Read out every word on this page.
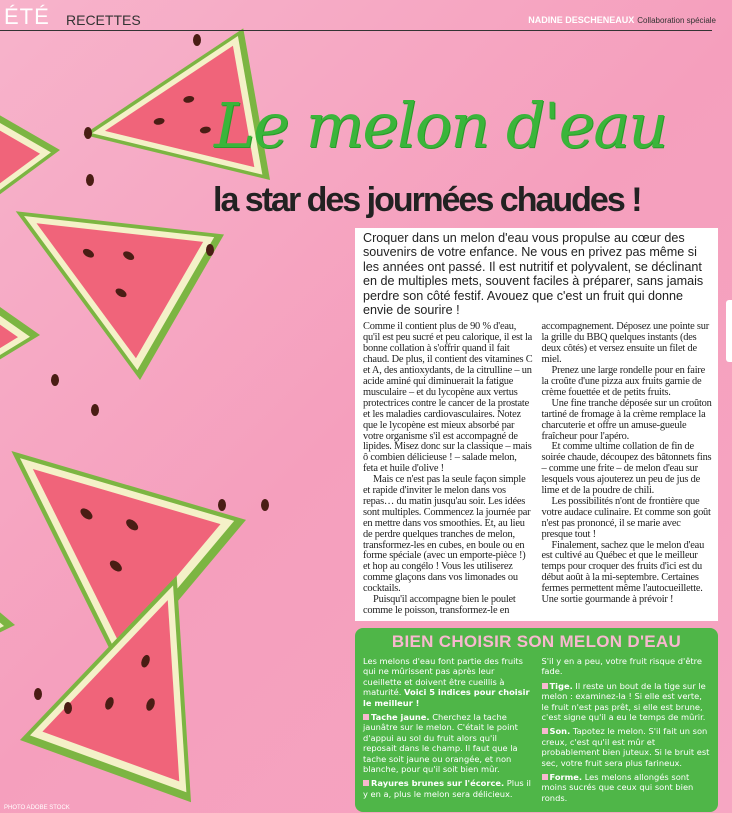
ÉTÉ RECETTES	NADINE DESCHENEAUX Collaboration spéciale
Le melon d'eau
la star des journées chaudes !
Croquer dans un melon d'eau vous propulse au cœur des souvenirs de votre enfance. Ne vous en privez pas même si les années ont passé. Il est nutritif et polyvalent, se déclinant en de multiples mets, souvent faciles à préparer, sans jamais perdre son côté festif. Avouez que c'est un fruit qui donne envie de sourire !

Comme il contient plus de 90 % d'eau, qu'il est peu sucré et peu calorique, il est la bonne collation à s'offrir quand il fait chaud. De plus, il contient des vitamines C et A, des antioxydants, de la citrulline – un acide aminé qui diminuerait la fatigue musculaire – et du lycopène aux vertus protectrices contre le cancer de la prostate et les maladies cardiovasculaires. Notez que le lycopène est mieux absorbé par votre organisme s'il est accompagné de lipides. Misez donc sur la classique – mais ô combien délicieuse ! – salade melon, feta et huile d'olive !

Mais ce n'est pas la seule façon simple et rapide d'inviter le melon dans vos repas… du matin jusqu'au soir. Les idées sont multiples. Commencez la journée par en mettre dans vos smoothies. Et, au lieu de perdre quelques tranches de melon, transformez-les en cubes, en boule ou en forme spéciale (avec un emporte-pièce !) et hop au congélo ! Vous les utiliserez comme glaçons dans vos limonades ou cocktails.

Puisqu'il accompagne bien le poulet comme le poisson, transformez-le en

accompagnement. Déposez une pointe sur la grille du BBQ quelques instants (des deux côtés) et versez ensuite un filet de miel.

Prenez une large rondelle pour en faire la croûte d'une pizza aux fruits garnie de crème fouettée et de petits fruits.

Une fine tranche déposée sur un croûton tartiné de fromage à la crème remplace la charcuterie et offre un amuse-gueule fraîcheur pour l'apéro.

Et comme ultime collation de fin de soirée chaude, découpez des bâtonnets fins – comme une frite – de melon d'eau sur lesquels vous ajouterez un peu de jus de lime et de la poudre de chili.

Les possibilités n'ont de frontière que votre audace culinaire. Et comme son goût n'est pas prononcé, il se marie avec presque tout !

Finalement, sachez que le melon d'eau est cultivé au Québec et que le meilleur temps pour croquer des fruits d'ici est du début août à la mi-septembre. Certaines fermes permettent même l'autocueillette. Une sortie gourmande à prévoir !

BIEN CHOISIR SON MELON D'EAU

Les melons d'eau font partie des fruits qui ne mûrissent pas après leur cueillette et doivent être cueillis à maturité. Voici 5 indices pour choisir le meilleur !

Tache jaune. Cherchez la tache jaunâtre sur le melon. C'était le point d'appui au sol du fruit alors qu'il reposait dans le champ. Il faut que la tache soit jaune ou orangée, et non blanche, pour qu'il soit bien mûr.

Rayures brunes sur l'écorce. Plus il y en a, plus le melon sera délicieux.

S'il y en a peu, votre fruit risque d'être fade.

Tige. Il reste un bout de la tige sur le melon : examinez-la ! Si elle est verte, le fruit n'est pas prêt, si elle est brune, c'est signe qu'il a eu le temps de mûrir.

Son. Tapotez le melon. S'il fait un son creux, c'est qu'il est mûr et probablement bien juteux. Si le bruit est sec, votre fruit sera plus farineux.

Forme. Les melons allongés sont moins sucrés que ceux qui sont bien ronds.

PHOTO ADOBE STOCK
